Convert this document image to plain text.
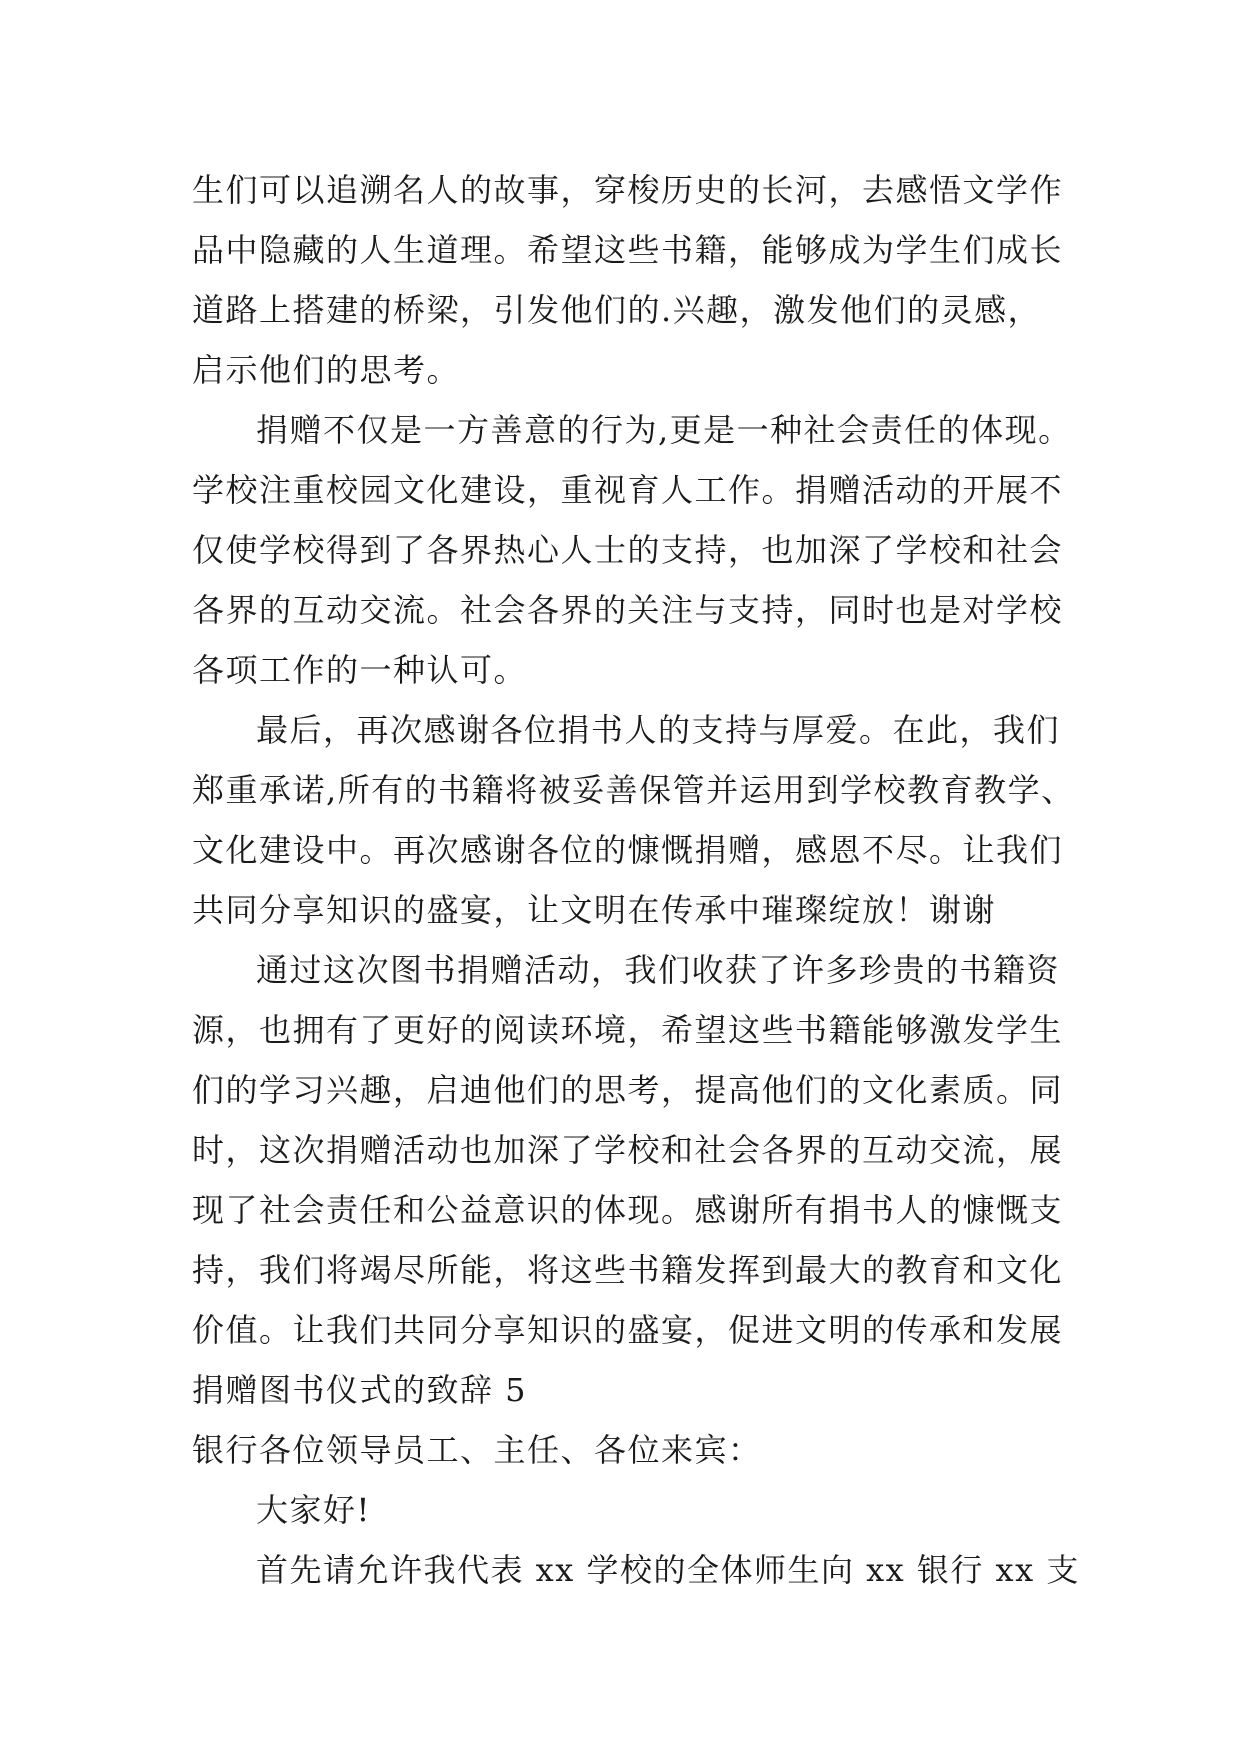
生们可以追溯名人的故事，穿梭历史的长河，去感悟文学作
品中隐藏的人生道理。希望这些书籍，能够成为学生们成长
道路上搭建的桥梁，引发他们的.兴趣，激发他们的灵感，
启示他们的思考。
捐赠不仅是一方善意的行为,更是一种社会责任的体现。
学校注重校园文化建设，重视育人工作。捐赠活动的开展不
仅使学校得到了各界热心人士的支持，也加深了学校和社会
各界的互动交流。社会各界的关注与支持，同时也是对学校
各项工作的一种认可。
最后，再次感谢各位捐书人的支持与厚爱。在此，我们
郑重承诺,所有的书籍将被妥善保管并运用到学校教育教学、
文化建设中。再次感谢各位的慷慨捐赠，感恩不尽。让我们
共同分享知识的盛宴，让文明在传承中璀璨绽放！谢谢
通过这次图书捐赠活动，我们收获了许多珍贵的书籍资
源，也拥有了更好的阅读环境，希望这些书籍能够激发学生
们的学习兴趣，启迪他们的思考，提高他们的文化素质。同
时，这次捐赠活动也加深了学校和社会各界的互动交流，展
现了社会责任和公益意识的体现。感谢所有捐书人的慷慨支
持，我们将竭尽所能，将这些书籍发挥到最大的教育和文化
价值。让我们共同分享知识的盛宴，促进文明的传承和发展
捐赠图书仪式的致辞 5
银行各位领导员工、主任、各位来宾：
大家好!
首先请允许我代表 xx 学校的全体师生向 xx 银行 xx 支
